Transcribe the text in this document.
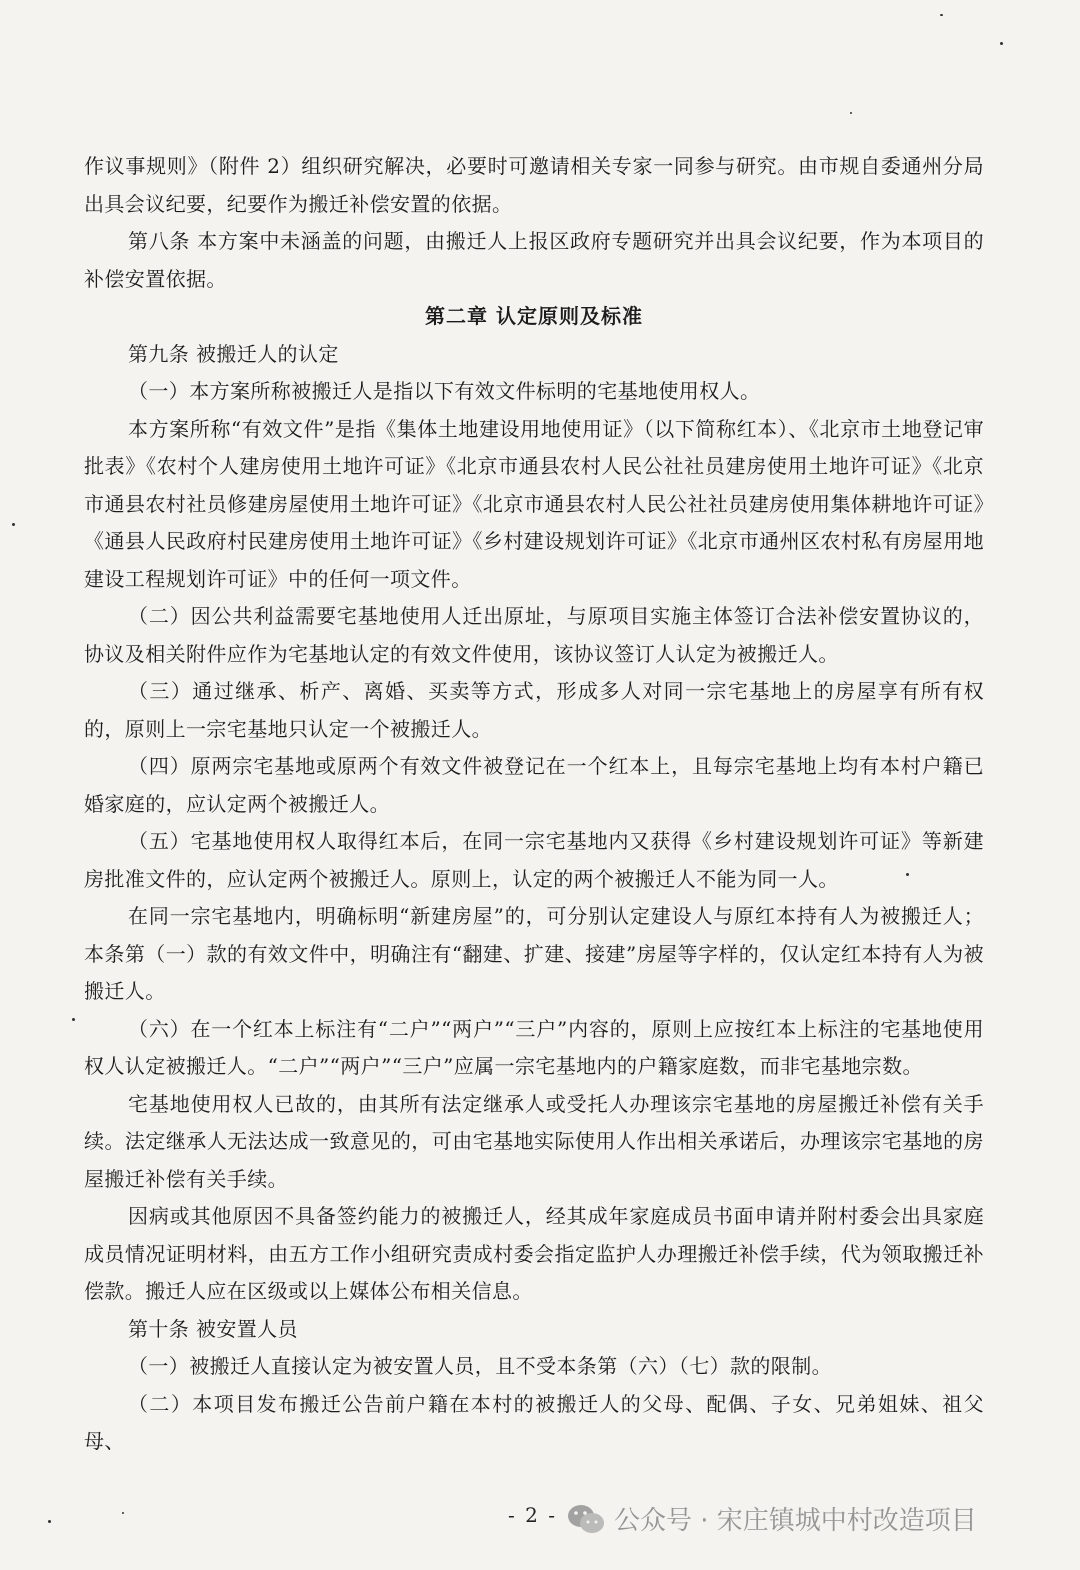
作议事规则》（附件 2）组织研究解决，必要时可邀请相关专家一同参与研究。由市规自委通州分局出具会议纪要，纪要作为搬迁补偿安置的依据。

第八条 本方案中未涵盖的问题，由搬迁人上报区政府专题研究并出具会议纪要，作为本项目的补偿安置依据。

第二章 认定原则及标准

第九条 被搬迁人的认定

（一）本方案所称被搬迁人是指以下有效文件标明的宅基地使用权人。

本方案所称“有效文件”是指《集体土地建设用地使用证》（以下简称红本）、《北京市土地登记审批表》《农村个人建房使用土地许可证》《北京市通县农村人民公社社员建房使用土地许可证》《北京市通县农村社员修建房屋使用土地许可证》《北京市通县农村人民公社社员建房使用集体耕地许可证》《通县人民政府村民建房使用土地许可证》《乡村建设规划许可证》《北京市通州区农村私有房屋用地建设工程规划许可证》中的任何一项文件。

（二）因公共利益需要宅基地使用人迁出原址，与原项目实施主体签订合法补偿安置协议的，协议及相关附件应作为宅基地认定的有效文件使用，该协议签订人认定为被搬迁人。

（三）通过继承、析产、离婚、买卖等方式，形成多人对同一宗宅基地上的房屋享有所有权的，原则上一宗宅基地只认定一个被搬迁人。

（四）原两宗宅基地或原两个有效文件被登记在一个红本上，且每宗宅基地上均有本村户籍已婚家庭的，应认定两个被搬迁人。

（五）宅基地使用权人取得红本后，在同一宗宅基地内又获得《乡村建设规划许可证》等新建房批准文件的，应认定两个被搬迁人。原则上，认定的两个被搬迁人不能为同一人。

在同一宗宅基地内，明确标明“新建房屋”的，可分别认定建设人与原红本持有人为被搬迁人；本条第（一）款的有效文件中，明确注有“翻建、扩建、接建”房屋等字样的，仅认定红本持有人为被搬迁人。

（六）在一个红本上标注有“二户”“两户”“三户”内容的，原则上应按红本上标注的宅基地使用权人认定被搬迁人。“二户”“两户”“三户”应属一宗宅基地内的户籍家庭数，而非宅基地宗数。

宅基地使用权人已故的，由其所有法定继承人或受托人办理该宗宅基地的房屋搬迁补偿有关手续。法定继承人无法达成一致意见的，可由宅基地实际使用人作出相关承诺后，办理该宗宅基地的房屋搬迁补偿有关手续。

因病或其他原因不具备签约能力的被搬迁人，经其成年家庭成员书面申请并附村委会出具家庭成员情况证明材料，由五方工作小组研究责成村委会指定监护人办理搬迁补偿手续，代为领取搬迁补偿款。搬迁人应在区级或以上媒体公布相关信息。

第十条 被安置人员

（一）被搬迁人直接认定为被安置人员，且不受本条第（六）（七）款的限制。

（二）本项目发布搬迁公告前户籍在本村的被搬迁人的父母、配偶、子女、兄弟姐妹、祖父母、

- 2 - 公众号 · 宋庄镇城中村改造项目
